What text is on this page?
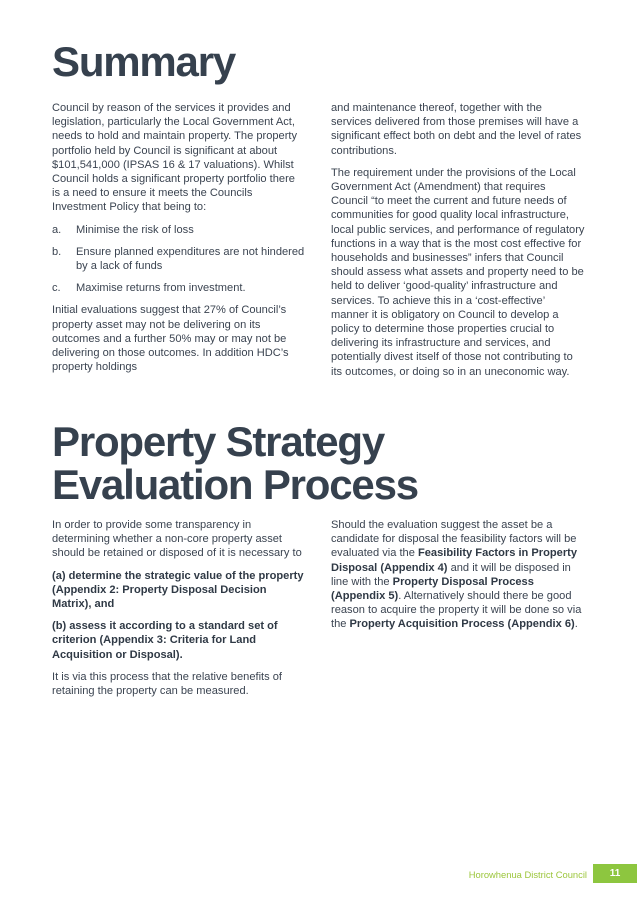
Summary

Council by reason of the services it provides and legislation, particularly the Local Government Act, needs to hold and maintain property. The property portfolio held by Council is significant at about $101,541,000 (IPSAS 16 & 17 valuations). Whilst Council holds a significant property portfolio there is a need to ensure it meets the Councils Investment Policy that being to:

a. Minimise the risk of loss

b. Ensure planned expenditures are not hindered by a lack of funds

c. Maximise returns from investment.

Initial evaluations suggest that 27% of Council’s property asset may not be delivering on its outcomes and a further 50% may or may not be delivering on those outcomes. In addition HDC’s property holdings

and maintenance thereof, together with the services delivered from those premises will have a significant effect both on debt and the level of rates contributions.

The requirement under the provisions of the Local Government Act (Amendment) that requires Council “to meet the current and future needs of communities for good quality local infrastructure, local public services, and performance of regulatory functions in a way that is the most cost effective for households and businesses” infers that Council should assess what assets and property need to be held to deliver ‘good-quality’ infrastructure and services. To achieve this in a ‘cost-effective’ manner it is obligatory on Council to develop a policy to determine those properties crucial to delivering its infrastructure and services, and potentially divest itself of those not contributing to its outcomes, or doing so in an uneconomic way.

Property Strategy
Evaluation Process

In order to provide some transparency in determining whether a non-core property asset should be retained or disposed of it is necessary to

(a) determine the strategic value of the property (Appendix 2: Property Disposal Decision Matrix), and

(b) assess it according to a standard set of criterion (Appendix 3: Criteria for Land Acquisition or Disposal).

It is via this process that the relative benefits of retaining the property can be measured.

Should the evaluation suggest the asset be a candidate for disposal the feasibility factors will be evaluated via the Feasibility Factors in Property Disposal (Appendix 4) and it will be disposed in line with the Property Disposal Process (Appendix 5). Alternatively should there be good reason to acquire the property it will be done so via the Property Acquisition Process (Appendix 6).

Horowhenua District Council	11
